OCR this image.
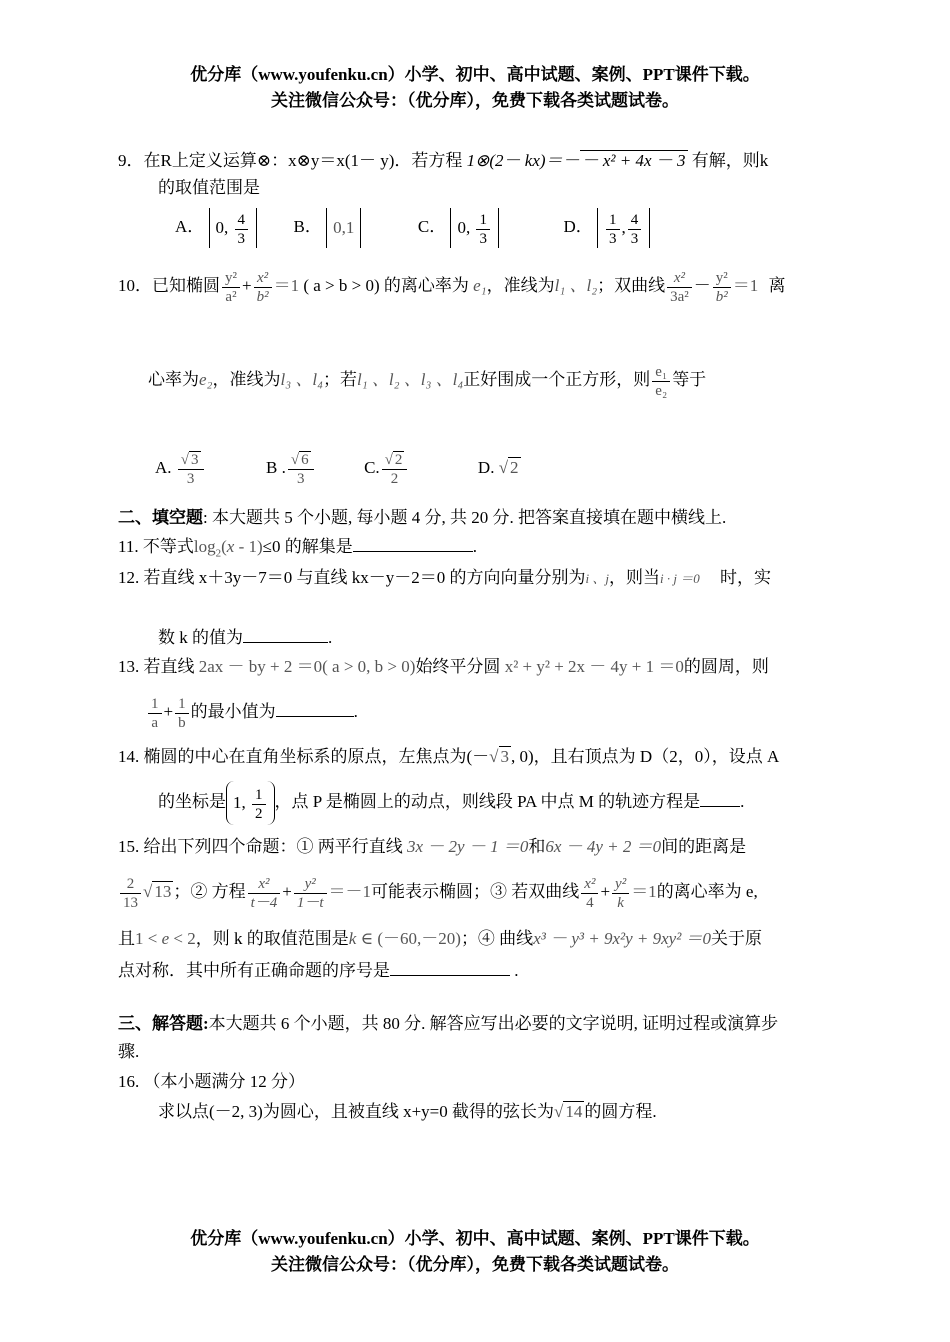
优分库（www.youfenku.cn）小学、初中、高中试题、案例、PPT课件下载。
关注微信公众号：（优分库），免费下载各类试题试卷。
9．在R上定义运算⊗：x⊗y＝x(1－ y)．若方程 1⊗(2－ kx)＝－ － x² + 4x － 3 有解，则k
的取值范围是
A． 0, $\frac{4}{3}$	B． 0,1	C． 0, $\frac{1}{3}$	D． $\frac{1}{3}$ , $\frac{4}{3}$
10．已知椭圆 $\frac{\text{y²}}{\text{a²}} + \frac{\text{x²}}{\text{b²}} =1$ ( a > b > 0) 的离心率为 e₁，准线为l₁ 、l₂；双曲线 $\frac{\text{x²}}{\text{3a²}} - \frac{\text{y²}}{\text{b²}} =1$ 离
心率为e₂，准线为l₃ 、l₄；若l₁ 、l₂ 、l₃ 、l₄正好围成一个正方形，则 $\frac{\text{e₁}}{\text{e₂}}$ 等于
A. $\frac{√ 3}{3}$	B . $\frac{√ 6}{3}$	C. $\frac{√ 2}{2}$	D. √ 2
二、填空题: 本大题共 5 个小题, 每小题 4 分, 共 20 分. 把答案直接填在题中横线上.
11. 不等式$\log_2(x - 1)\le 0$ 的解集是	.
12. 若直线 x＋3y－7＝0 与直线 kx－y－2＝0 的方向向量分别为i 、j，则当i · j ＝0 时，实
数 k 的值为	.
13. 若直线 2ax － by + 2 ＝0( a > 0, b > 0)始终平分圆 x² + y² + 2x － 4y + 1 ＝0的圆周，则
$\frac{1}{a} + \frac{1}{b}$ 的最小值为	.
14. 椭圆的中心在直角坐标系的原点，左焦点为(－√ 3 , 0)，且右顶点为 D（2，0），设点 A
的坐标是 1, $\frac{1}{2}$ ，点 P 是椭圆上的动点，则线段 PA 中点 M 的轨迹方程是 .
15. 给出下列四个命题：① 两平行直线 3x － 2y － 1 ＝0和6x － 4y + 2 ＝0间的距离是
$\frac{2}{13}$ √ 13 ；② 方程 $\frac{\text{x²}}{t-4} + \frac{\text{y²}}{1-t} =-1$可能表示椭圆；③ 若双曲线 $\frac{\text{x²}}{4} + \frac{\text{y²}}{k} =1$的离心率为 e,
且1 < e < 2，则 k 的取值范围是k ∈ (－60,－20)；④ 曲线x³ － y³ + 9x²y + 9xy² ＝0关于原
点对称．其中所有正确命题的序号是	.
三、解答题:本大题共 6 个小题，共 80 分. 解答应写出必要的文字说明, 证明过程或演算步
骤.
16. （本小题满分 12 分）
求以点(－2, 3)为圆心，且被直线 x+y=0 截得的弦长为√ 14 的圆方程.
优分库（www.youfenku.cn）小学、初中、高中试题、案例、PPT课件下载。
关注微信公众号：（优分库），免费下载各类试题试卷。
